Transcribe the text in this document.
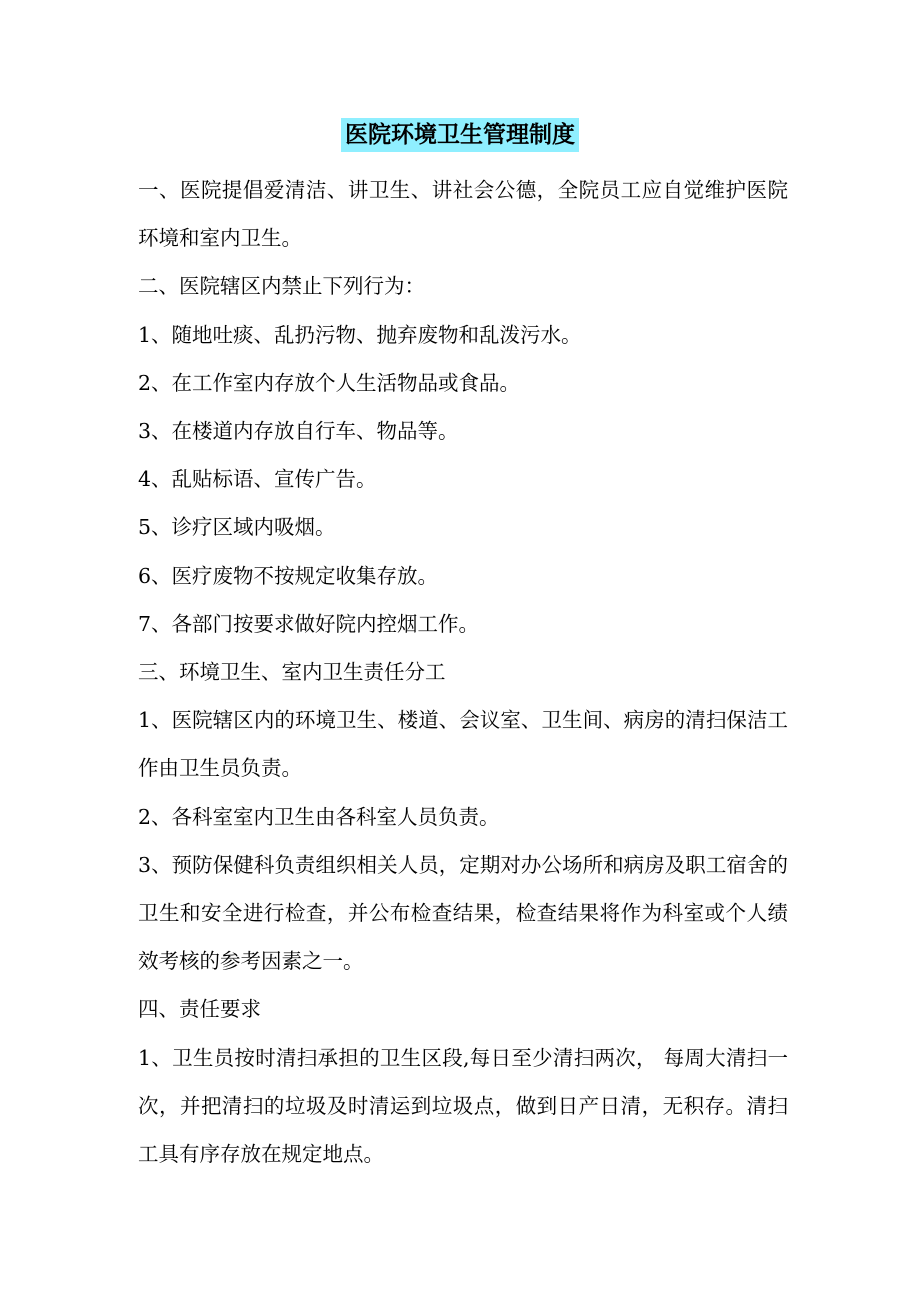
医院环境卫生管理制度

一、医院提倡爱清洁、讲卫生、讲社会公德，全院员工应自觉维护医院环境和室内卫生。

二、医院辖区内禁止下列行为：

1、随地吐痰、乱扔污物、抛弃废物和乱泼污水。

2、在工作室内存放个人生活物品或食品。

3、在楼道内存放自行车、物品等。

4、乱贴标语、宣传广告。

5、诊疗区域内吸烟。

6、医疗废物不按规定收集存放。

7、各部门按要求做好院内控烟工作。

三、环境卫生、室内卫生责任分工

1、医院辖区内的环境卫生、楼道、会议室、卫生间、病房的清扫保洁工作由卫生员负责。

2、各科室室内卫生由各科室人员负责。

3、预防保健科负责组织相关人员，定期对办公场所和病房及职工宿舍的卫生和安全进行检查，并公布检查结果，检查结果将作为科室或个人绩效考核的参考因素之一。

四、责任要求

1、卫生员按时清扫承担的卫生区段,每日至少清扫两次， 每周大清扫一次，并把清扫的垃圾及时清运到垃圾点，做到日产日清，无积存。清扫工具有序存放在规定地点。
